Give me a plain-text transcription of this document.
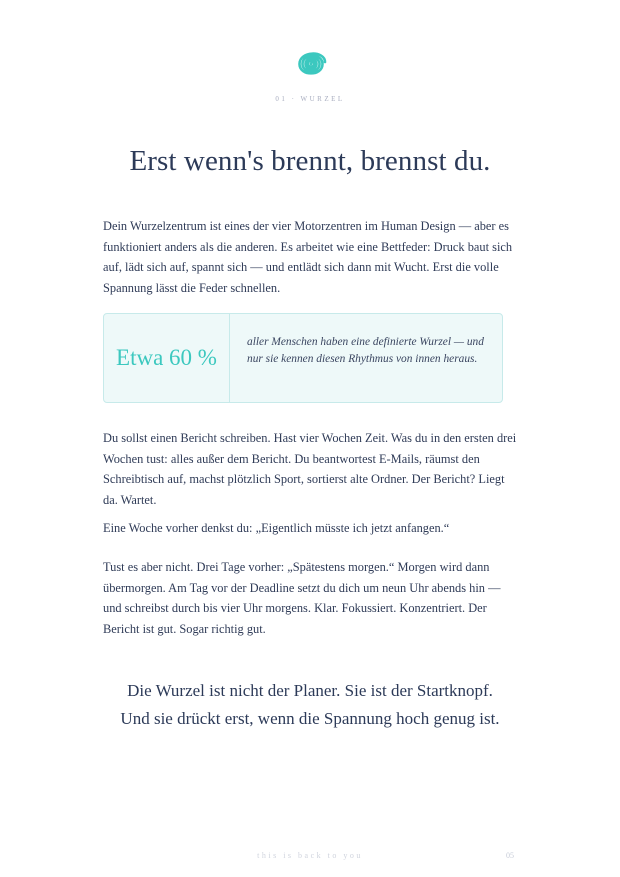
01 · WURZEL
Erst wenn's brennt, brennst du.

Dein Wurzelzentrum ist eines der vier Motorzentren im Human Design — aber es funktioniert anders als die anderen. Es arbeitet wie eine Bettfeder: Druck baut sich auf, lädt sich auf, spannt sich — und entlädt sich dann mit Wucht. Erst die volle Spannung lässt die Feder schnellen.

Etwa 60 %
aller Menschen haben eine definierte Wurzel — und nur sie kennen diesen Rhythmus von innen heraus.

Du sollst einen Bericht schreiben. Hast vier Wochen Zeit. Was du in den ersten drei Wochen tust: alles außer dem Bericht. Du beantwortest E-Mails, räumst den Schreibtisch auf, machst plötzlich Sport, sortierst alte Ordner. Der Bericht? Liegt da. Wartet.

Eine Woche vorher denkst du: „Eigentlich müsste ich jetzt anfangen.“

Tust es aber nicht. Drei Tage vorher: „Spätestens morgen.“ Morgen wird dann übermorgen. Am Tag vor der Deadline setzt du dich um neun Uhr abends hin — und schreibst durch bis vier Uhr morgens. Klar. Fokussiert. Konzentriert. Der Bericht ist gut. Sogar richtig gut.

Die Wurzel ist nicht der Planer. Sie ist der Startknopf.

Und sie drückt erst, wenn die Spannung hoch genug ist.

this is back to you	05
